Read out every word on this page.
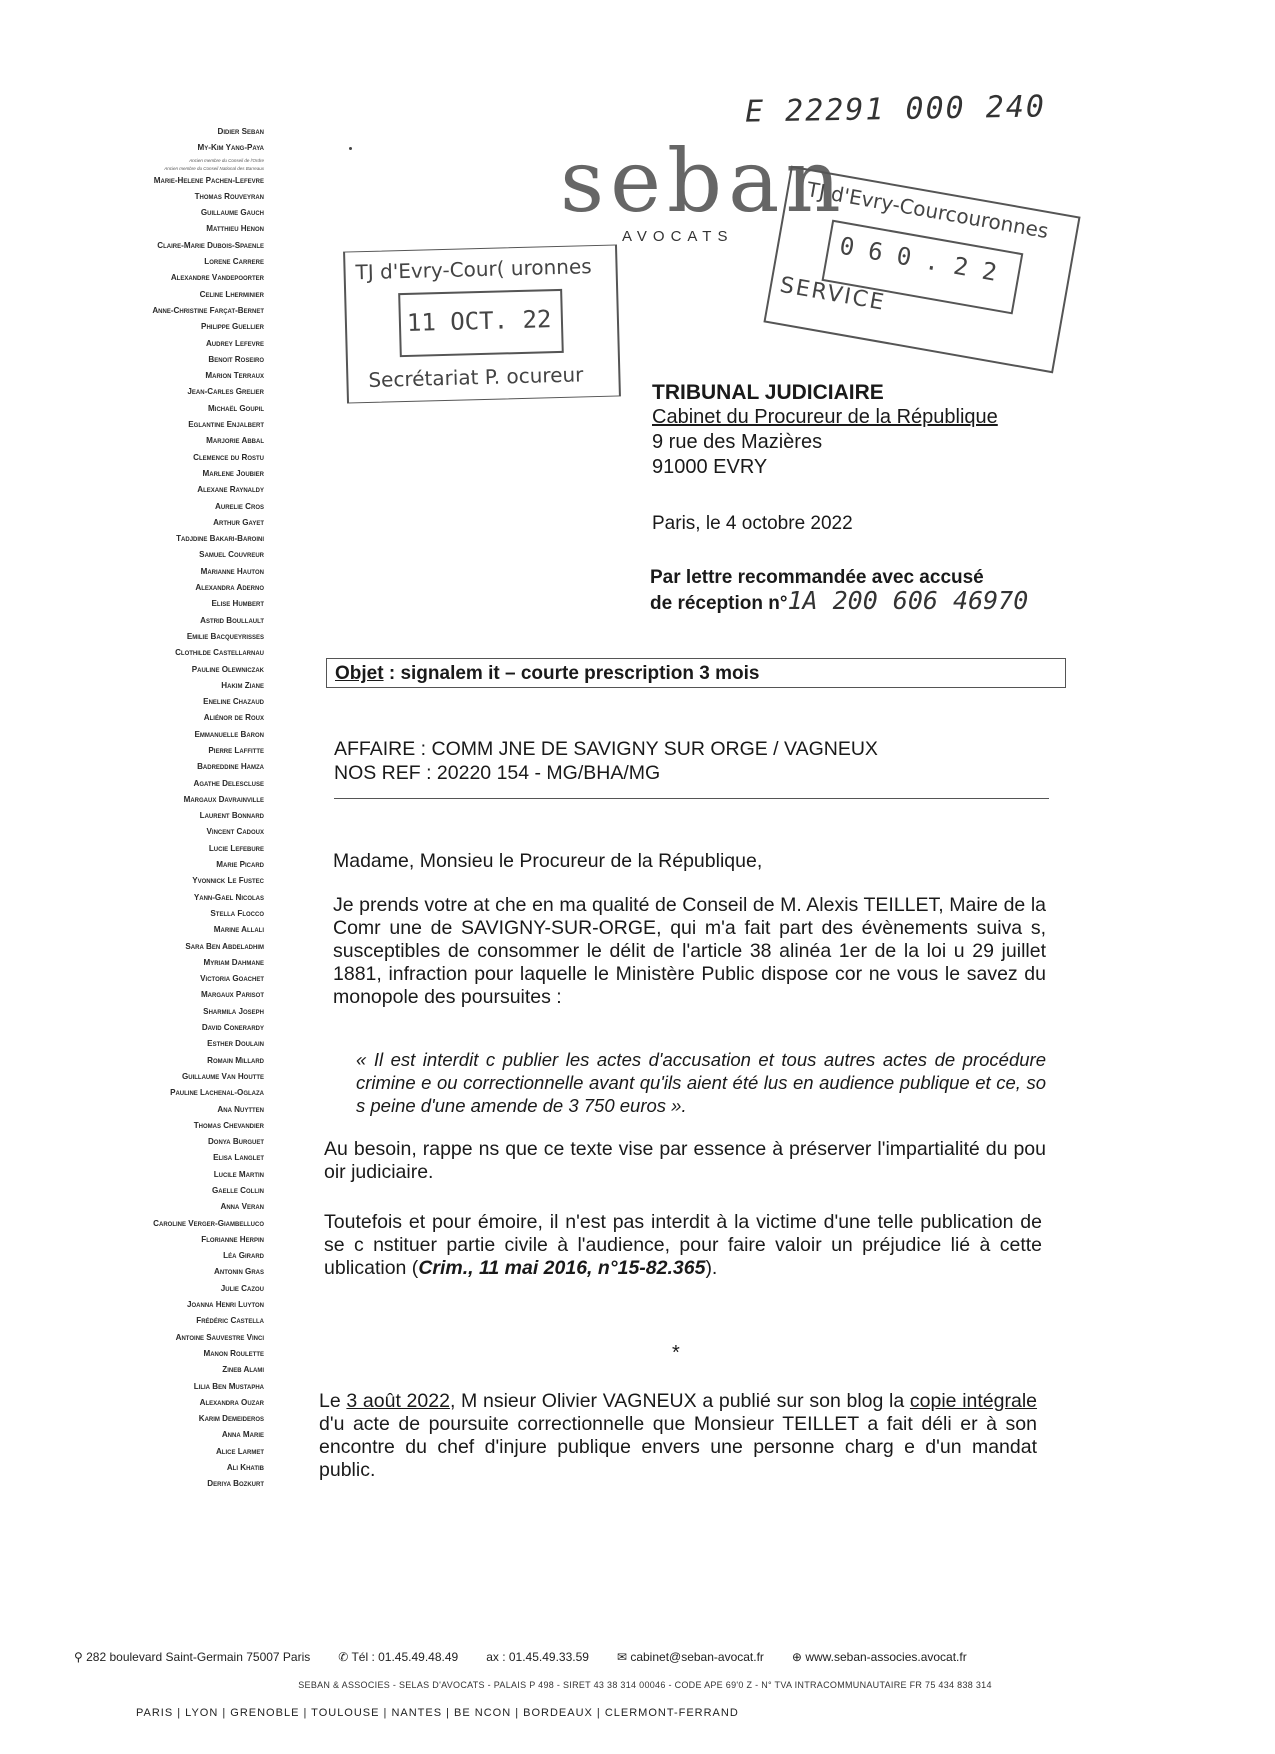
E 22291 000 240
seban
AVOCATS
Didier Seban
My-Kim Yang-Paya
Ancien membre du Conseil de l'Ordre
Ancien membre du Conseil National des Barreaux
Marie-Helene Pachen-Lefevre
Thomas Rouveyran
Guillaume Gauch
Matthieu Henon
Claire-Marie Dubois-Spaenle
Lorene Carrere
Alexandre Vandepoorter
Celine Lherminier
Anne-Christine Farçat-Bernet
Philippe Guellier
Audrey Lefevre
Benoit Roseiro
Marion Terraux
Jean-Carles Grelier
Michaël Goupil
Eglantine Enjalbert
Marjorie Abbal
Clemence du Rostu
Marlene Joubier
Alexane Raynaldy
Aurelie Cros
Arthur Gayet
Tadjdine Bakari-Baroini
Samuel Couvreur
Marianne Hauton
Alexandra Aderno
Elise Humbert
Astrid Boullault
Emilie Bacqueyrisses
Clothilde Castellarnau
Pauline Olewniczak
Hakim Ziane
Eneline Chazaud
Aliénor de Roux
Emmanuelle Baron
Pierre Laffitte
Badreddine Hamza
Agathe Delescluse
Margaux Davrainville
Laurent Bonnard
Vincent Cadoux
Lucie Lefebure
Marie Picard
Yvonnick Le Fustec
Yann-Gael Nicolas
Stella Flocco
Marine Allali
Sara Ben Abdeladhim
Myriam Dahmane
Victoria Goachet
Margaux Parisot
Sharmila Joseph
David Conerardy
Esther Doulain
Romain Millard
Guillaume Van Houtte
Pauline Lachenal-Oglaza
Ana Nuytten
Thomas Chevandier
Donya Burguet
Elisa Langlet
Lucile Martin
Gaelle Collin
Anna Veran
Caroline Verger-Giambelluco
Florianne Herpin
Léa Girard
Antonin Gras
Julie Cazou
Joanna Henri Luyton
Frédéric Castella
Antoine Sauvestre Vinci
Manon Roulette
Zineb Alami
Lilia Ben Mustapha
Alexandra Ouzar
Karim Demeideros
Anna Marie
Alice Larmet
Ali Khatib
Deriya Bozkurt
TJ d'Evry-Cour( uronnes
11 OCT. 22
Secrétariat P. ocureur
TJ d'Evry-Courcouronnes
0 6 0 . 2 2
SERVICE
TRIBUNAL JUDICIAIRE
Cabinet du Procureur de la République
9 rue des Mazières
91000 EVRY
Paris, le 4 octobre 2022
Par lettre recommandée avec accusé
de réception n°1A 200 606 46970
Objet : signalem it – courte prescription 3 mois
AFFAIRE : COMM JNE DE SAVIGNY SUR ORGE / VAGNEUX
NOS REF : 20220 154 - MG/BHA/MG
Madame, Monsieu le Procureur de la République,
Je prends votre at che en ma qualité de Conseil de M. Alexis TEILLET, Maire de la Comr une de SAVIGNY-SUR-ORGE, qui m'a fait part des évènements suiva s, susceptibles de consommer le délit de l'article 38 alinéa 1er de la loi u 29 juillet 1881, infraction pour laquelle le Ministère Public dispose cor ne vous le savez du monopole des poursuites :
« Il est interdit c publier les actes d'accusation et tous autres actes de procédure crimine e ou correctionnelle avant qu'ils aient été lus en audience publique et ce, so s peine d'une amende de 3 750 euros ».
Au besoin, rappe ns que ce texte vise par essence à préserver l'impartialité du pou oir judiciaire.
Toutefois et pour émoire, il n'est pas interdit à la victime d'une telle publication de se c nstituer partie civile à l'audience, pour faire valoir un préjudice lié à cette ublication (Crim., 11 mai 2016, n°15-82.365).
*
Le 3 août 2022, M nsieur Olivier VAGNEUX a publié sur son blog la copie intégrale d'u acte de poursuite correctionnelle que Monsieur TEILLET a fait déli er à son encontre du chef d'injure publique envers une personne charg e d'un mandat public.
⚲ 282 boulevard Saint-Germain 75007 Paris ✆ Tél : 01.45.49.48.49 ax : 01.45.49.33.59 ✉ cabinet@seban-avocat.fr ⊕ www.seban-associes.avocat.fr
SEBAN & ASSOCIES - SELAS D'AVOCATS - PALAIS P 498 - SIRET 43 38 314 00046 - CODE APE 69'0 Z - N° TVA INTRACOMMUNAUTAIRE FR 75 434 838 314
PARIS | LYON | GRENOBLE | TOULOUSE | NANTES | BE NCON | BORDEAUX | CLERMONT-FERRAND
